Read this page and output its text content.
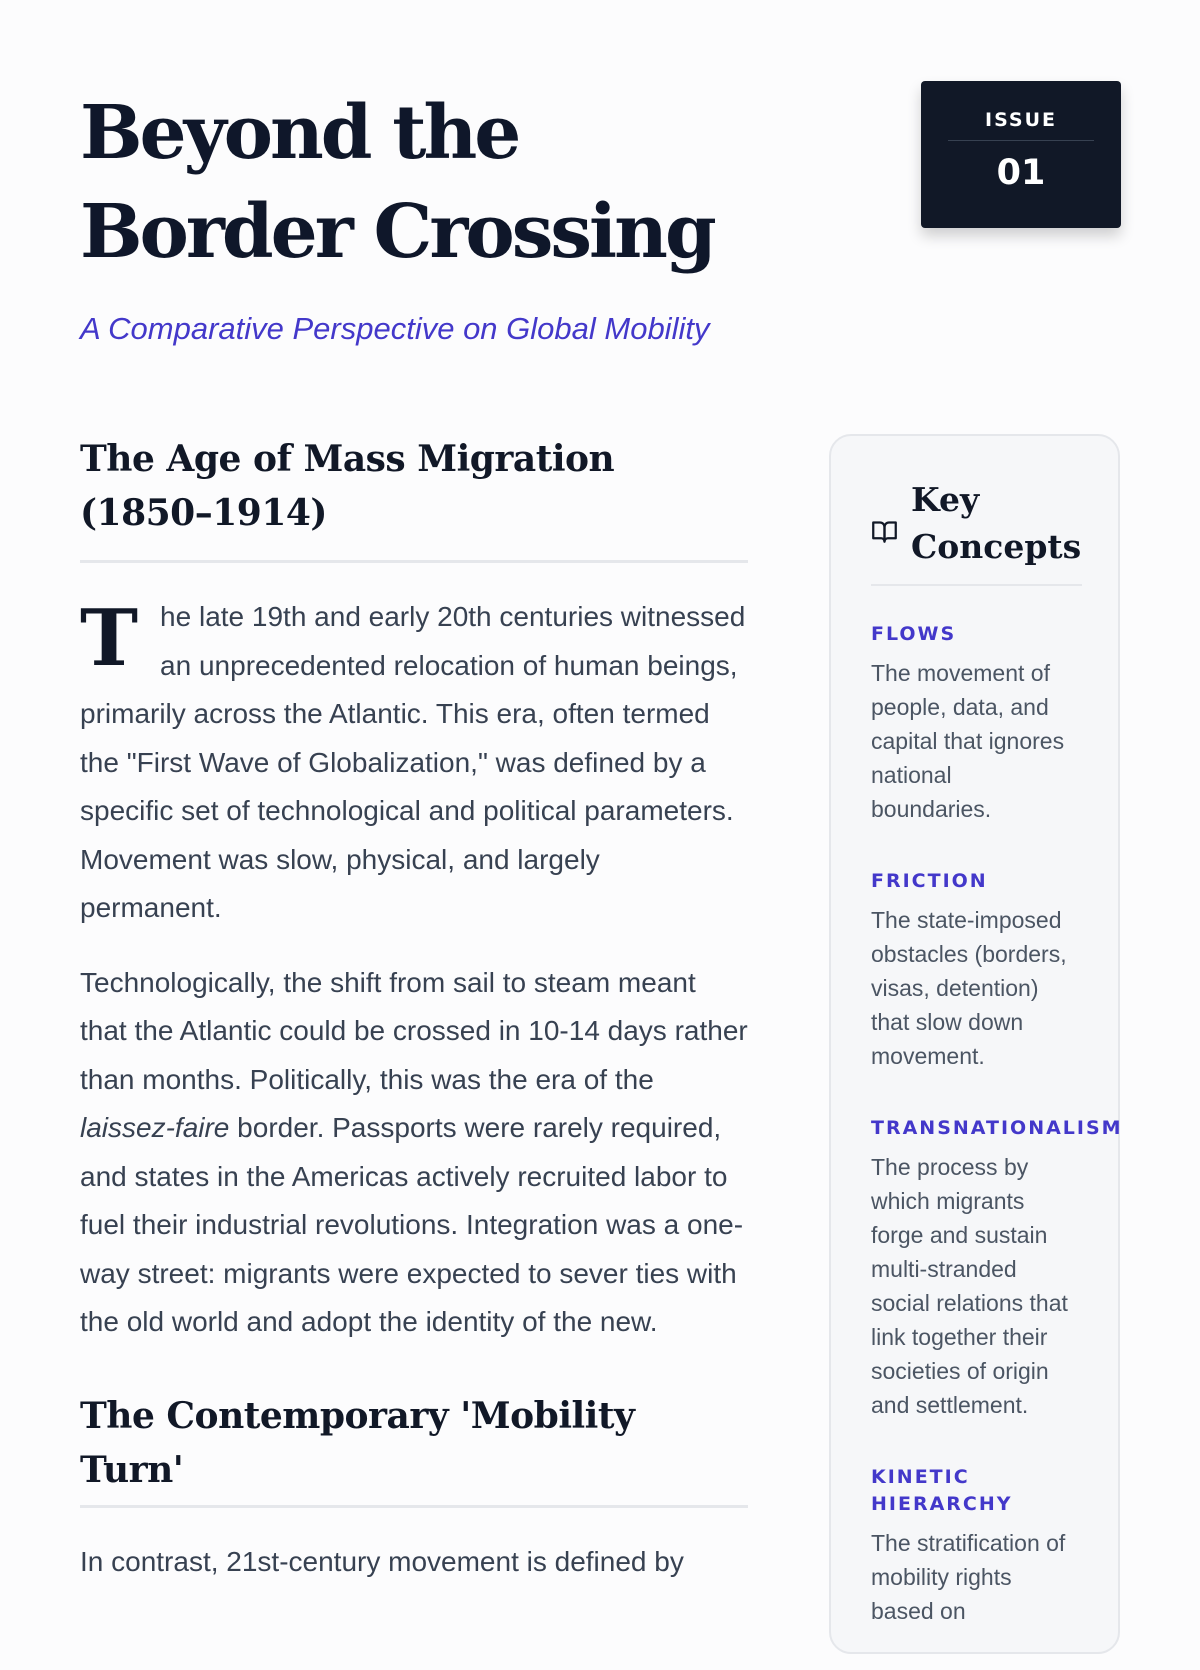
Beyond the Border Crossing

A Comparative Perspective on Global Mobility

ISSUE
01
The Age of Mass Migration (1850–1914)

The late 19th and early 20th centuries witnessed an unprecedented relocation of human beings, primarily across the Atlantic. This era, often termed the "First Wave of Globalization," was defined by a specific set of technological and political parameters. Movement was slow, physical, and largely permanent.

Technologically, the shift from sail to steam meant that the Atlantic could be crossed in 10-14 days rather than months. Politically, this was the era of the laissez-faire border. Passports were rarely required, and states in the Americas actively recruited labor to fuel their industrial revolutions. Integration was a one-way street: migrants were expected to sever ties with the old world and adopt the identity of the new.

The Contemporary 'Mobility Turn'

In contrast, 21st-century movement is defined by

Key Concepts
FLOWS
The movement of people, data, and capital that ignores national boundaries.
FRICTION
The state-imposed obstacles (borders, visas, detention) that slow down movement.
TRANSNATIONALISM
The process by which migrants forge and sustain multi-stranded social relations that link together their societies of origin and settlement.
KINETIC HIERARCHY
The stratification of mobility rights based on
